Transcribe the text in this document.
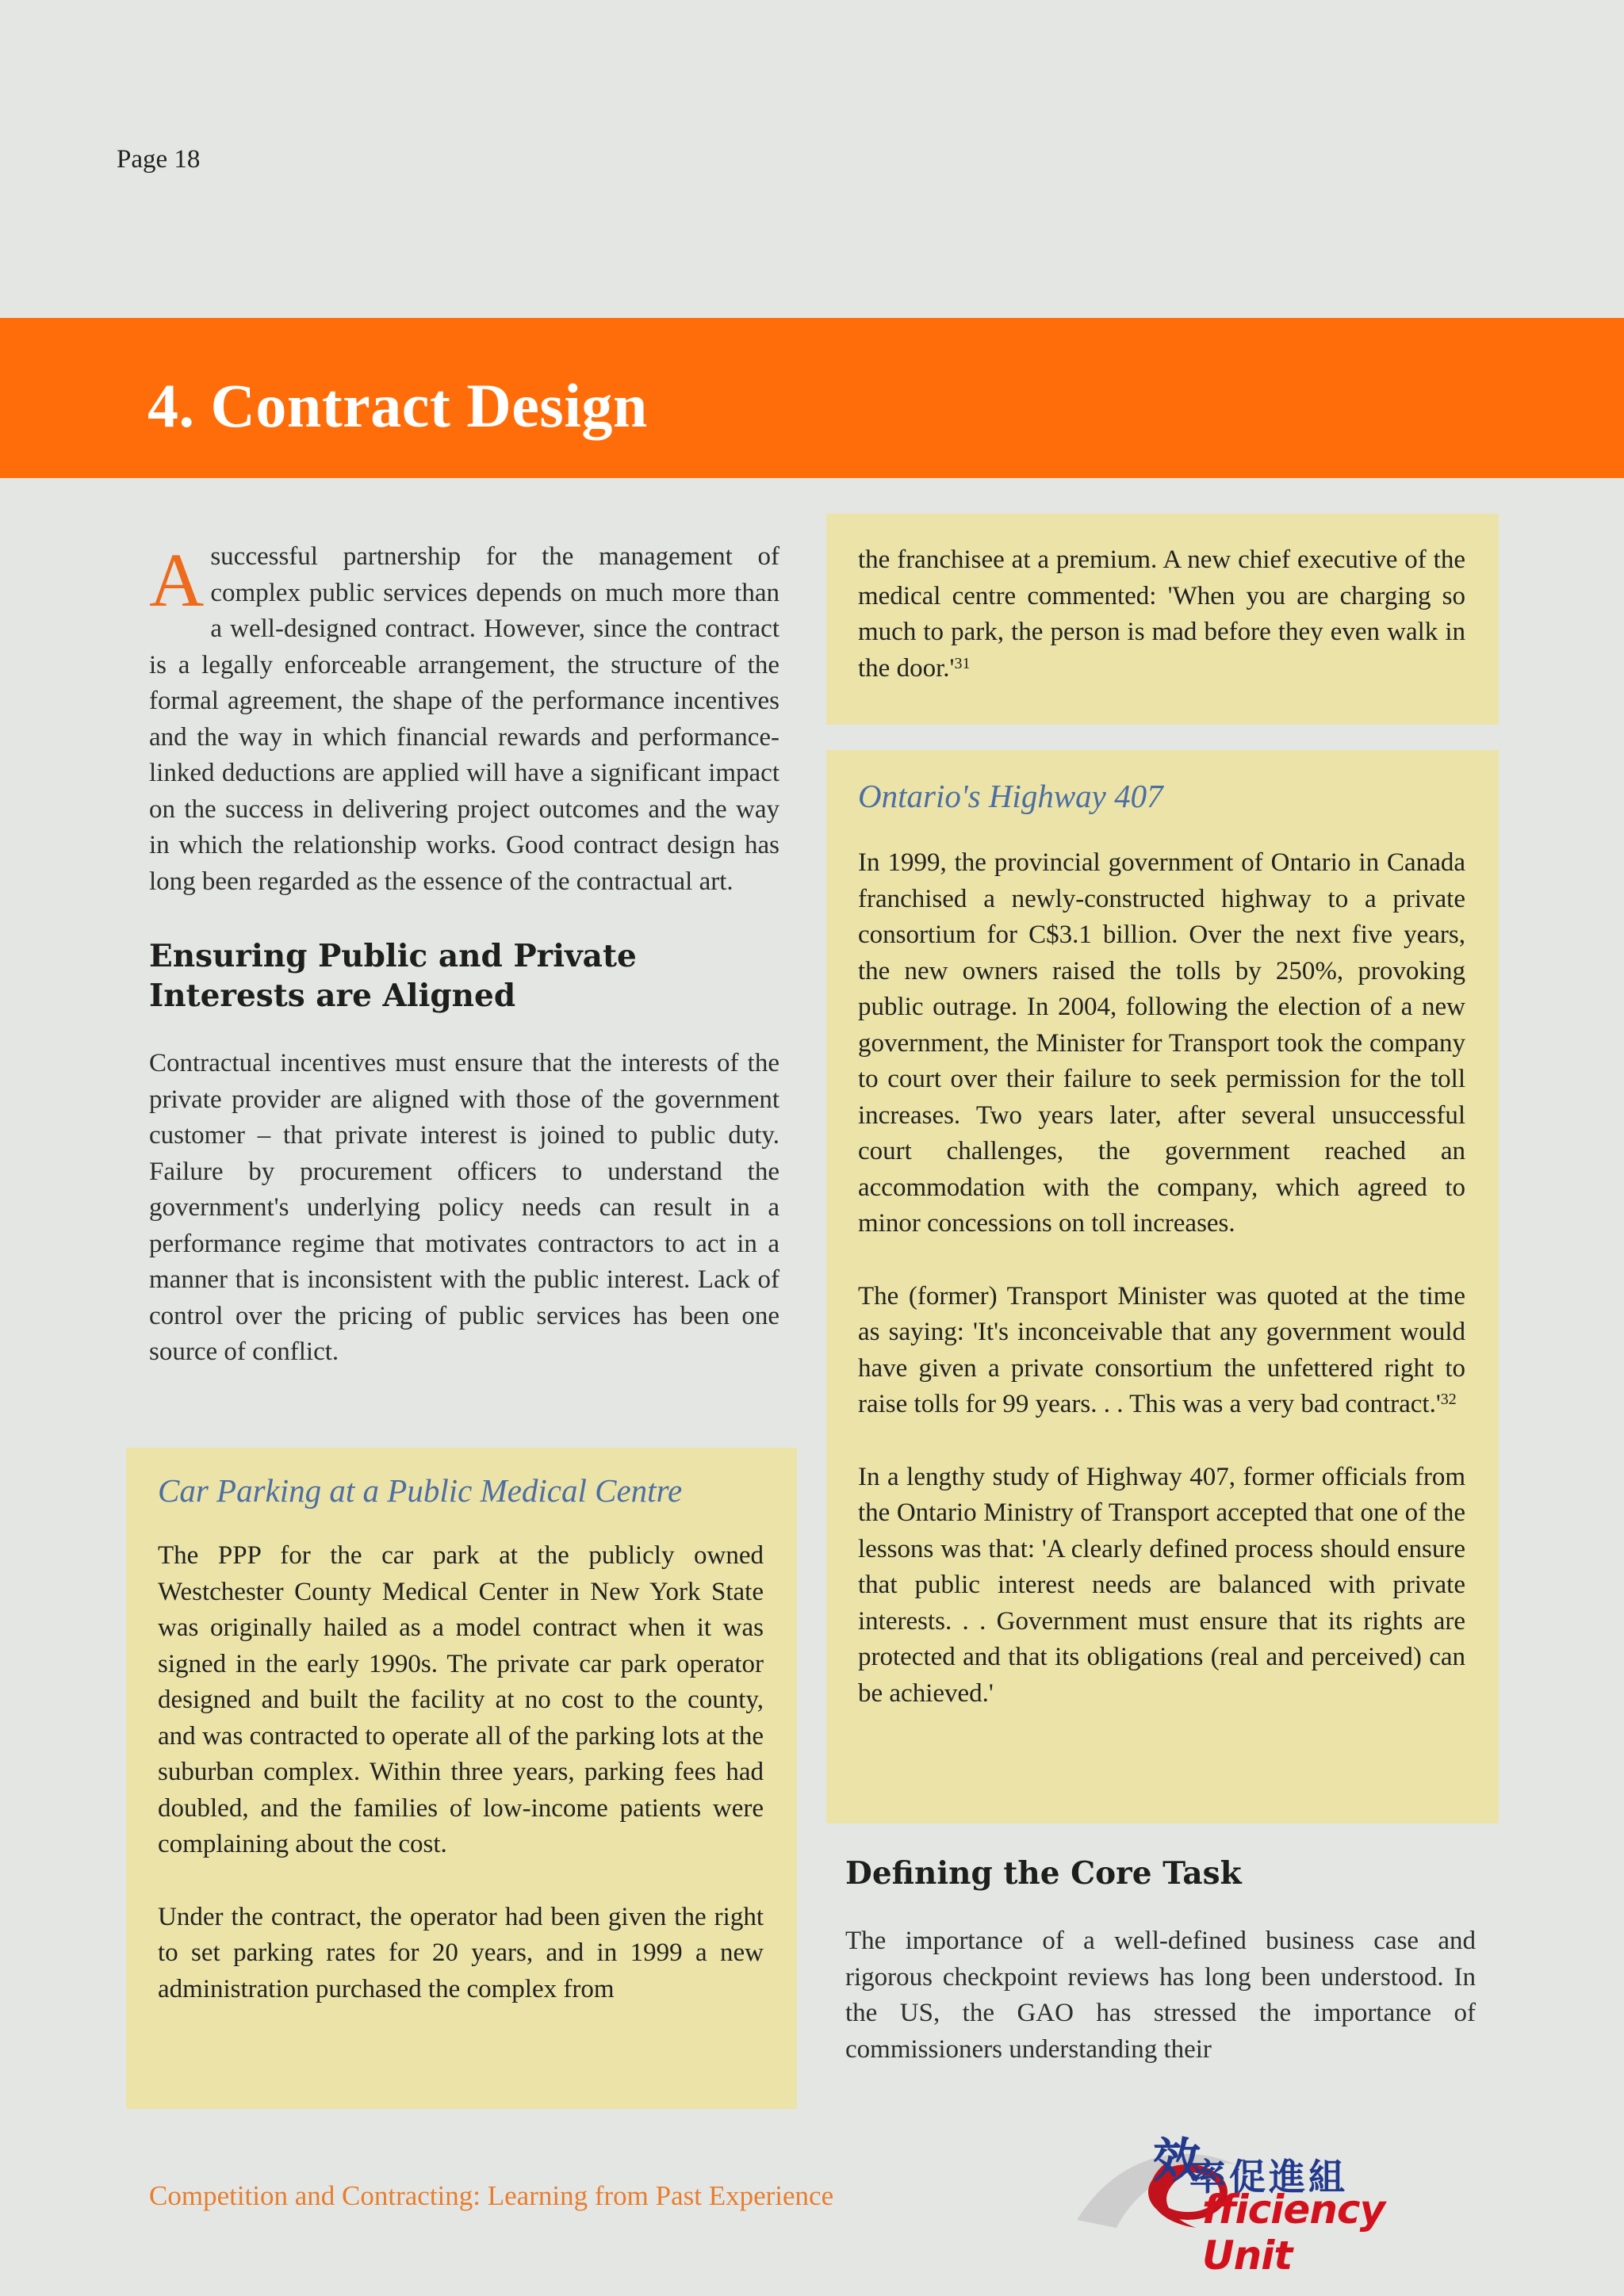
Page 18
4. Contract Design

Asuccessful partnership for the management of complex public services depends on much more than a well-designed contract. However, since the contract is a legally enforceable arrangement, the structure of the formal agreement, the shape of the performance incentives and the way in which financial rewards and performance-linked deductions are applied will have a significant impact on the success in delivering project outcomes and the way in which the relationship works. Good contract design has long been regarded as the essence of the contractual art.

Ensuring Public and Private Interests are Aligned

Contractual incentives must ensure that the interests of the private provider are aligned with those of the government customer – that private interest is joined to public duty. Failure by procurement officers to understand the government's underlying policy needs can result in a performance regime that motivates contractors to act in a manner that is inconsistent with the public interest. Lack of control over the pricing of public services has been one source of conflict.

Car Parking at a Public Medical Centre

The PPP for the car park at the publicly owned Westchester County Medical Center in New York State was originally hailed as a model contract when it was signed in the early 1990s. The private car park operator designed and built the facility at no cost to the county, and was contracted to operate all of the parking lots at the suburban complex. Within three years, parking fees had doubled, and the families of low-income patients were complaining about the cost.

Under the contract, the operator had been given the right to set parking rates for 20 years, and in 1999 a new administration purchased the complex from

the franchisee at a premium. A new chief executive of the medical centre commented: 'When you are charging so much to park, the person is mad before they even walk in the $door.'^{31}$

Ontario's Highway 407

In 1999, the provincial government of Ontario in Canada franchised a newly-constructed highway to a private consortium for C$3.1 billion. Over the next five years, the new owners raised the tolls by 250%, provoking public outrage. In 2004, following the election of a new government, the Minister for Transport took the company to court over their failure to seek permission for the toll increases. Two years later, after several unsuccessful court challenges, the government reached an accommodation with the company, which agreed to minor concessions on toll increases.

The (former) Transport Minister was quoted at the time as saying: 'It's inconceivable that any government would have given a private consortium the unfettered right to raise tolls for 99 years. . . This was a very bad $contract.'^{32}$

In a lengthy study of Highway 407, former officials from the Ontario Ministry of Transport accepted that one of the lessons was that: 'A clearly defined process should ensure that public interest needs are balanced with private interests. . . Government must ensure that its rights are protected and that its obligations (real and perceived) can be achieved.'

Defining the Core Task

The importance of a well-defined business case and rigorous checkpoint reviews has long been understood. In the US, the GAO has stressed the importance of commissioners understanding their

Competition and Contracting: Learning from Past Experience
效
率促進組
fficiency Unit
